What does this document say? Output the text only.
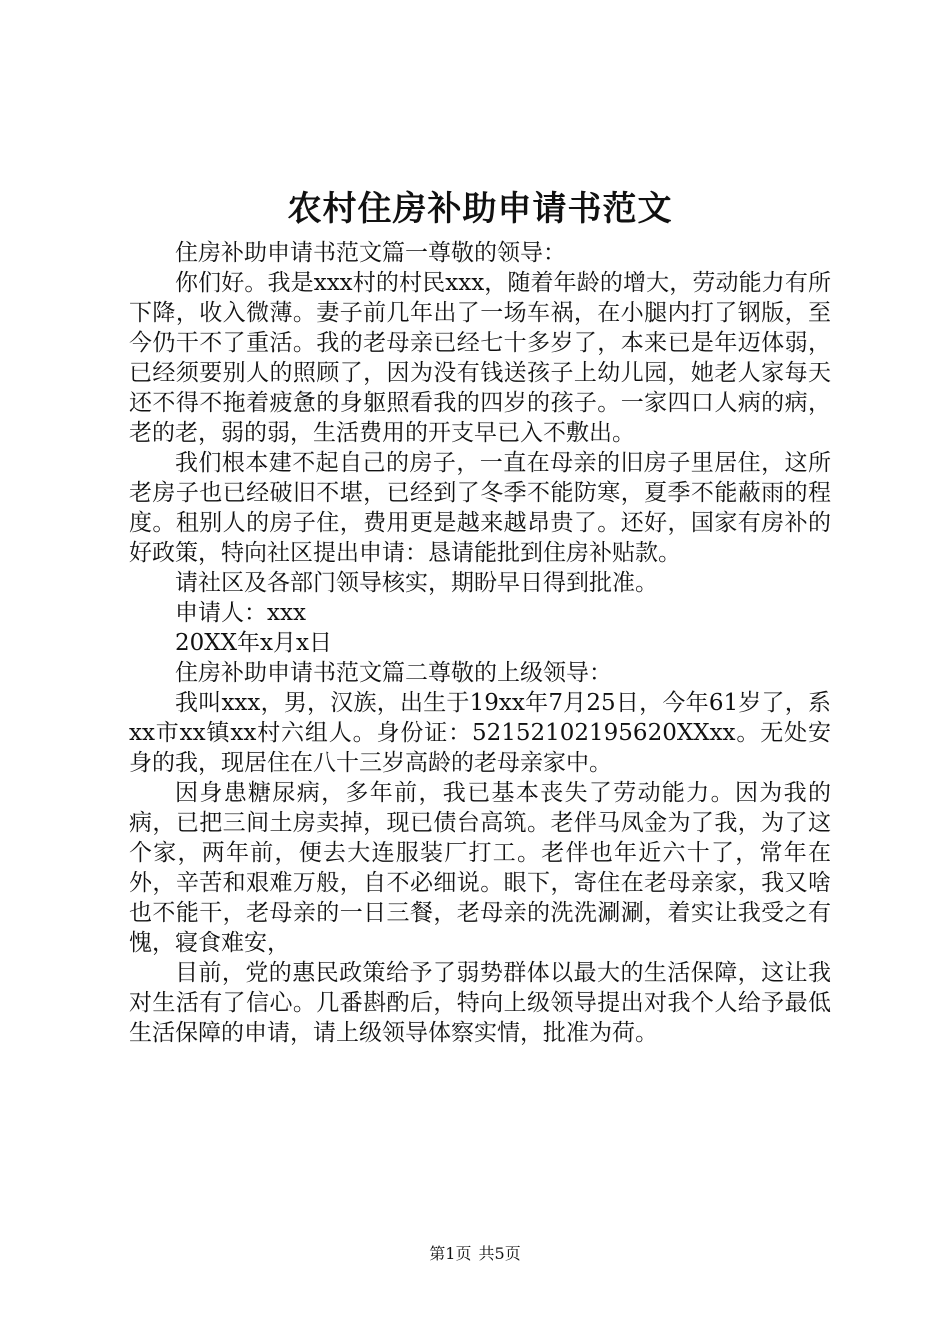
农村住房补助申请书范文

住房补助申请书范文篇一尊敬的领导：

你们好。我是xxx村的村民xxx，随着年龄的增大，劳动能力有所下降，收入微薄。妻子前几年出了一场车祸，在小腿内打了钢版，至今仍干不了重活。我的老母亲已经七十多岁了，本来已是年迈体弱，已经须要别人的照顾了，因为没有钱送孩子上幼儿园，她老人家每天还不得不拖着疲惫的身躯照看我的四岁的孩子。一家四口人病的病，老的老，弱的弱，生活费用的开支早已入不敷出。

我们根本建不起自己的房子，一直在母亲的旧房子里居住，这所老房子也已经破旧不堪，已经到了冬季不能防寒，夏季不能蔽雨的程度。租别人的房子住，费用更是越来越昂贵了。还好，国家有房补的好政策，特向社区提出申请：恳请能批到住房补贴款。

请社区及各部门领导核实，期盼早日得到批准。

申请人：xxx

20XX年x月x日

住房补助申请书范文篇二尊敬的上级领导：

我叫xxx，男，汉族，出生于19xx年7月25日，今年61岁了，系xx市xx镇xx村六组人。身份证：52152102195620XXxx。无处安身的我，现居住在八十三岁高龄的老母亲家中。

因身患糖尿病，多年前，我已基本丧失了劳动能力。因为我的病，已把三间土房卖掉，现已债台高筑。老伴马凤金为了我，为了这个家，两年前，便去大连服装厂打工。老伴也年近六十了，常年在外，辛苦和艰难万般，自不必细说。眼下，寄住在老母亲家，我又啥也不能干，老母亲的一日三餐，老母亲的洗洗涮涮，着实让我受之有愧，寝食难安，

目前，党的惠民政策给予了弱势群体以最大的生活保障，这让我对生活有了信心。几番斟酌后，特向上级领导提出对我个人给予最低生活保障的申请，请上级领导体察实情，批准为荷。

第1页 共5页
